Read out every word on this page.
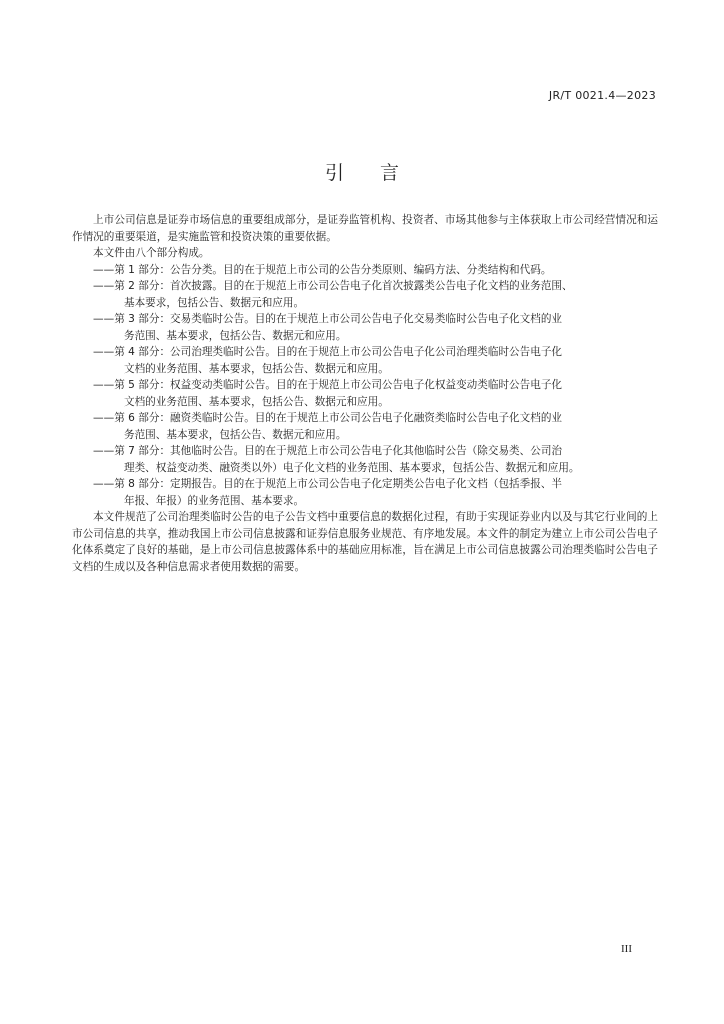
JR/T 0021.4—2023
引言

上市公司信息是证券市场信息的重要组成部分，是证券监管机构、投资者、市场其他参与主体获取上市公司经营情况和运作情况的重要渠道，是实施监管和投资决策的重要依据。

本文件由八个部分构成。

——第 1 部分：公告分类。目的在于规范上市公司的公告分类原则、编码方法、分类结构和代码。

——第 2 部分：首次披露。目的在于规范上市公司公告电子化首次披露类公告电子化文档的业务范围、

基本要求，包括公告、数据元和应用。

——第 3 部分：交易类临时公告。目的在于规范上市公司公告电子化交易类临时公告电子化文档的业

务范围、基本要求，包括公告、数据元和应用。

——第 4 部分：公司治理类临时公告。目的在于规范上市公司公告电子化公司治理类临时公告电子化

文档的业务范围、基本要求，包括公告、数据元和应用。

——第 5 部分：权益变动类临时公告。目的在于规范上市公司公告电子化权益变动类临时公告电子化

文档的业务范围、基本要求，包括公告、数据元和应用。

——第 6 部分：融资类临时公告。目的在于规范上市公司公告电子化融资类临时公告电子化文档的业

务范围、基本要求，包括公告、数据元和应用。

——第 7 部分：其他临时公告。目的在于规范上市公司公告电子化其他临时公告（除交易类、公司治

理类、权益变动类、融资类以外）电子化文档的业务范围、基本要求，包括公告、数据元和应用。

——第 8 部分：定期报告。目的在于规范上市公司公告电子化定期类公告电子化文档（包括季报、半

年报、年报）的业务范围、基本要求。

本文件规范了公司治理类临时公告的电子公告文档中重要信息的数据化过程，有助于实现证券业内以及与其它行业间的上市公司信息的共享，推动我国上市公司信息披露和证券信息服务业规范、有序地发展。本文件的制定为建立上市公司公告电子化体系奠定了良好的基础，是上市公司信息披露体系中的基础应用标准，旨在满足上市公司信息披露公司治理类临时公告电子文档的生成以及各种信息需求者使用数据的需要。

III
